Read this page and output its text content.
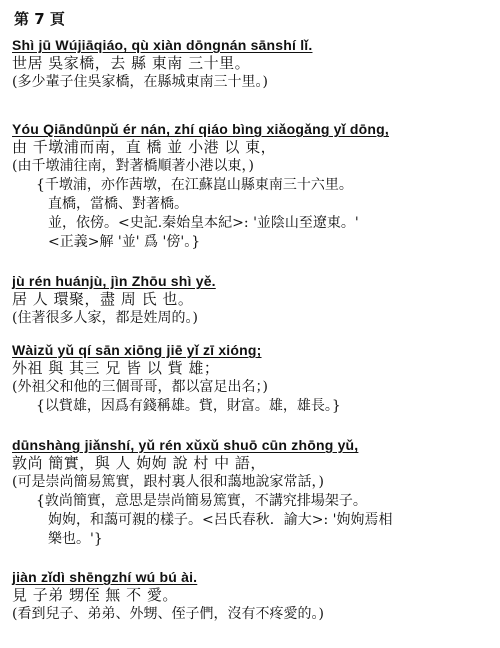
第 7 頁
Shì jū Wújiāqiáo, qù xiàn dōngnán sānshí lǐ.
世居 吳家橋，去 縣 東南 三十里。
(多少輩子住吳家橋，在縣城東南三十里。)
Yóu Qiāndūnpǔ ér nán, zhí qiáo bìng xiǎogǎng yǐ dōng,
由 千墩浦而南，直 橋 並 小港 以 東，
(由千墩浦往南，對著橋順著小港以東，)
{千墩浦，亦作茜墩，在江蘇崑山縣東南三十六里。
直橋，當橋、對著橋。
並，依傍。<史記.秦始皇本紀>: '並陰山至遼東。'
<正義>解 '並' 爲 '傍'。}
jù rén huánjù, jìn Zhōu shì yě.
居 人 環聚，盡 周 氏 也。
(住著很多人家，都是姓周的。)
Wàizǔ yǔ qí sān xiōng jiē yǐ zī xióng;
外祖 與 其三 兄 皆 以 貲 雄；
(外祖父和他的三個哥哥，都以富足出名；)
{以貲雄，因爲有錢稱雄。貲，財富。雄，雄長。}
dūnshàng jiǎnshí, yǔ rén xǔxǔ shuō cūn zhōng yǔ,
敦尚 簡實，與 人 姁姁 說 村 中 語，
(可是崇尚簡易篤實，跟村裏人很和藹地說家常話，)
{敦尚簡實，意思是崇尚簡易篤實，不講究排場架子。
姁姁，和藹可親的樣子。<呂氏春秋．諭大>: '姁姁焉相
樂也。'}
jiàn zǐdì shēngzhí wú bú ài.
見 子弟 甥侄 無 不 愛。
(看到兒子、弟弟、外甥、侄子們，沒有不疼愛的。)
